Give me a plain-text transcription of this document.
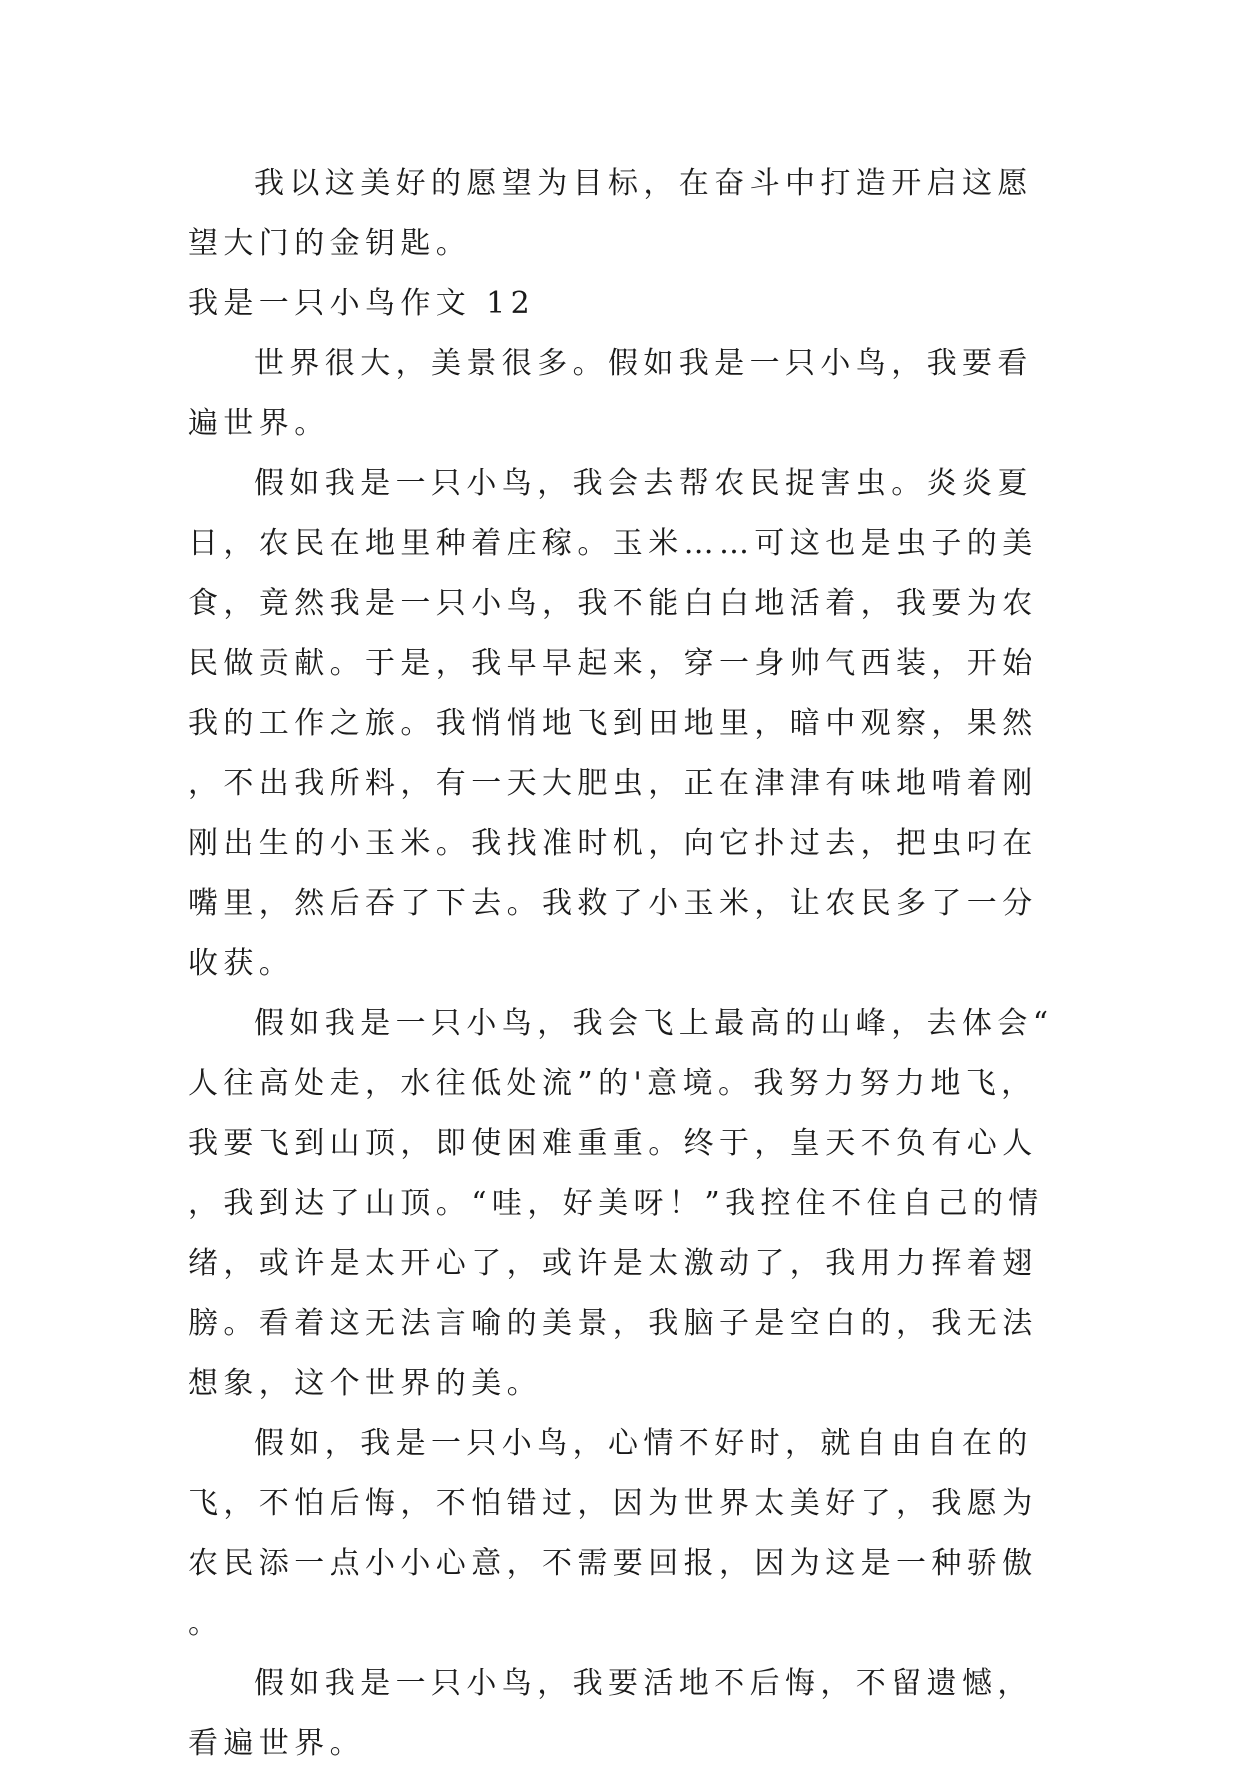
我以这美好的愿望为目标，在奋斗中打造开启这愿望大门的金钥匙。

我是一只小鸟作文 12

世界很大，美景很多。假如我是一只小鸟，我要看遍世界。

假如我是一只小鸟，我会去帮农民捉害虫。炎炎夏日，农民在地里种着庄稼。玉米……可这也是虫子的美食，竟然我是一只小鸟，我不能白白地活着，我要为农民做贡献。于是，我早早起来，穿一身帅气西装，开始我的工作之旅。我悄悄地飞到田地里，暗中观察，果然，不出我所料，有一天大肥虫，正在津津有味地啃着刚刚出生的小玉米。我找准时机，向它扑过去，把虫叼在嘴里，然后吞了下去。我救了小玉米，让农民多了一分收获。

假如我是一只小鸟，我会飞上最高的山峰，去体会“人往高处走，水往低处流”的'意境。我努力努力地飞，我要飞到山顶，即使困难重重。终于，皇天不负有心人，我到达了山顶。“哇，好美呀！”我控住不住自己的情绪，或许是太开心了，或许是太激动了，我用力挥着翅膀。看着这无法言喻的美景，我脑子是空白的，我无法想象，这个世界的美。

假如，我是一只小鸟，心情不好时，就自由自在的飞，不怕后悔，不怕错过，因为世界太美好了，我愿为农民添一点小小心意，不需要回报，因为这是一种骄傲。

假如我是一只小鸟，我要活地不后悔，不留遗憾，看遍世界。
